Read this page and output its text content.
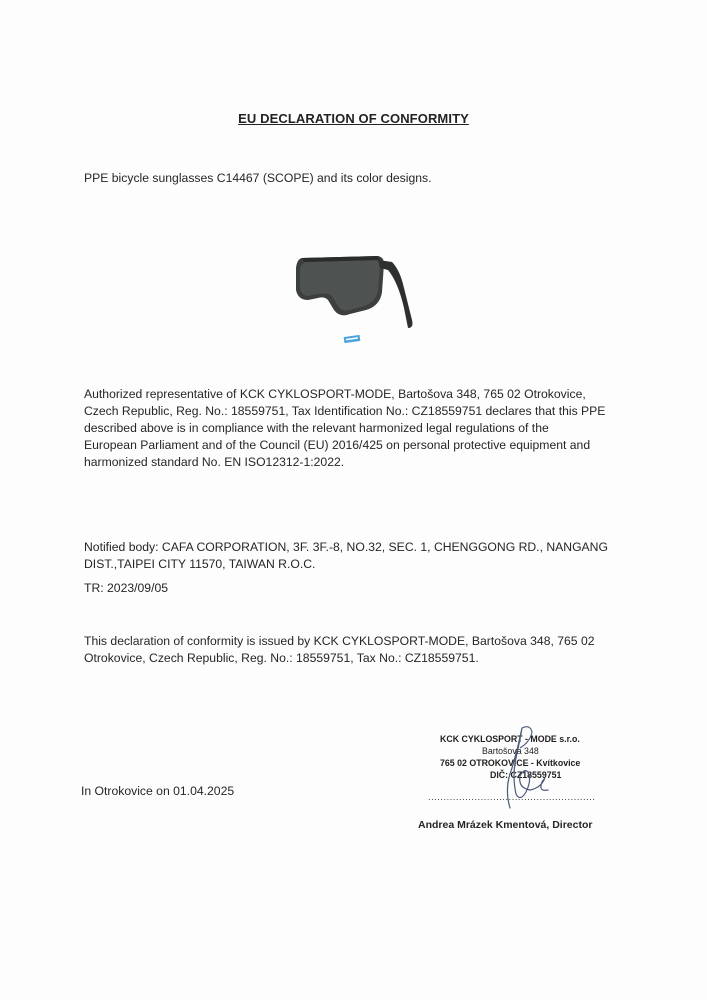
EU DECLARATION OF CONFORMITY
PPE bicycle sunglasses C14467 (SCOPE) and its color designs.
Authorized representative of KCK CYKLOSPORT-MODE, Bartošova 348, 765 02 Otrokovice,
Czech Republic, Reg. No.: 18559751, Tax Identification No.: CZ18559751 declares that this PPE
described above is in compliance with the relevant harmonized legal regulations of the
European Parliament and of the Council (EU) 2016/425 on personal protective equipment and
harmonized standard No. EN ISO12312-1:2022.
Notified body: CAFA CORPORATION, 3F. 3F.-8, NO.32, SEC. 1, CHENGGONG RD., NANGANG
DIST.,TAIPEI CITY 11570, TAIWAN R.O.C.
TR: 2023/09/05
This declaration of conformity is issued by KCK CYKLOSPORT-MODE, Bartošova 348, 765 02
Otrokovice, Czech Republic, Reg. No.: 18559751, Tax No.: CZ18559751.
In Otrokovice on 01.04.2025
KCK CYKLOSPORT - MODE s.r.o.
Bartošova 348
765 02 OTROKOVICE - Kvítkovice
DIČ: CZ18559751
......................................................
Andrea Mrázek Kmentová, Director
